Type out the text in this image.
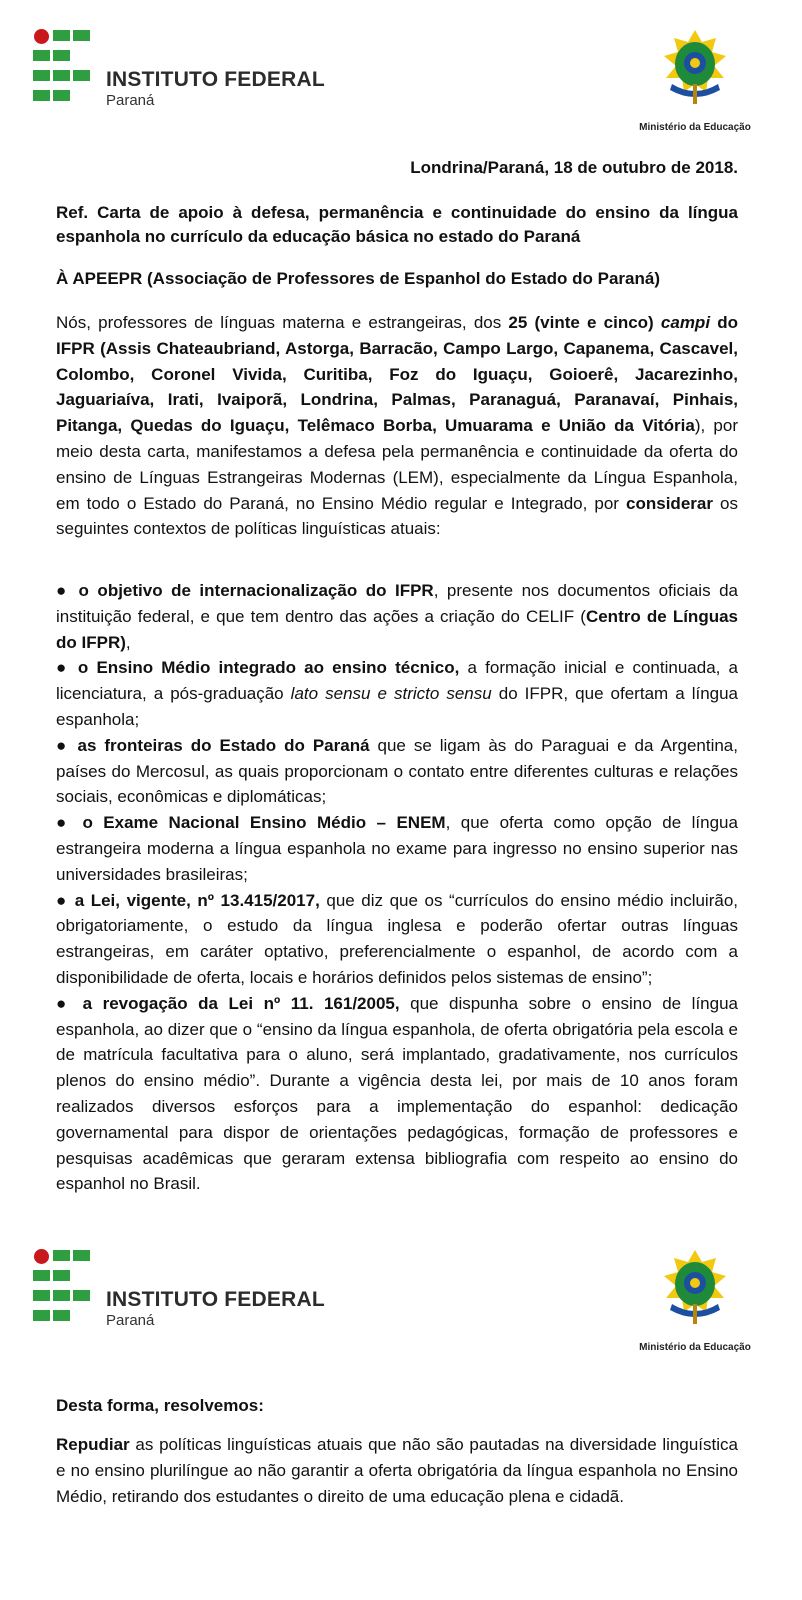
INSTITUTO FEDERAL
Paraná
Ministério da Educação
Londrina/Paraná, 18 de outubro de 2018.
Ref. Carta de apoio à defesa, permanência e continuidade do ensino da língua espanhola no currículo da educação básica no estado do Paraná
À APEEPR (Associação de Professores de Espanhol do Estado do Paraná)

Nós, professores de línguas materna e estrangeiras, dos 25 (vinte e cinco) campi do IFPR (Assis Chateaubriand, Astorga, Barracão, Campo Largo, Capanema, Cascavel, Colombo, Coronel Vivida, Curitiba, Foz do Iguaçu, Goioerê, Jacarezinho, Jaguariaíva, Irati, Ivaiporã, Londrina, Palmas, Paranaguá, Paranavaí, Pinhais, Pitanga, Quedas do Iguaçu, Telêmaco Borba, Umuarama e União da Vitória), por meio desta carta, manifestamos a defesa pela permanência e continuidade da oferta do ensino de Línguas Estrangeiras Modernas (LEM), especialmente da Língua Espanhola, em todo o Estado do Paraná, no Ensino Médio regular e Integrado, por considerar os seguintes contextos de políticas linguísticas atuais:

● o objetivo de internacionalização do IFPR, presente nos documentos oficiais da instituição federal, e que tem dentro das ações a criação do CELIF (Centro de Línguas do IFPR),

● o Ensino Médio integrado ao ensino técnico, a formação inicial e continuada, a licenciatura, a pós-graduação lato sensu e stricto sensu do IFPR, que ofertam a língua espanhola;

● as fronteiras do Estado do Paraná que se ligam às do Paraguai e da Argentina, países do Mercosul, as quais proporcionam o contato entre diferentes culturas e relações sociais, econômicas e diplomáticas;

● o Exame Nacional Ensino Médio – ENEM, que oferta como opção de língua estrangeira moderna a língua espanhola no exame para ingresso no ensino superior nas universidades brasileiras;

● a Lei, vigente, nº 13.415/2017, que diz que os “currículos do ensino médio incluirão, obrigatoriamente, o estudo da língua inglesa e poderão ofertar outras línguas estrangeiras, em caráter optativo, preferencialmente o espanhol, de acordo com a disponibilidade de oferta, locais e horários definidos pelos sistemas de ensino”;

● a revogação da Lei nº 11. 161/2005, que dispunha sobre o ensino de língua espanhola, ao dizer que o “ensino da língua espanhola, de oferta obrigatória pela escola e de matrícula facultativa para o aluno, será implantado, gradativamente, nos currículos plenos do ensino médio”. Durante a vigência desta lei, por mais de 10 anos foram realizados diversos esforços para a implementação do espanhol: dedicação governamental para dispor de orientações pedagógicas, formação de professores e pesquisas acadêmicas que geraram extensa bibliografia com respeito ao ensino do espanhol no Brasil.

INSTITUTO FEDERAL
Paraná
Ministério da Educação
Desta forma, resolvemos:

Repudiar as políticas linguísticas atuais que não são pautadas na diversidade linguística e no ensino plurilíngue ao não garantir a oferta obrigatória da língua espanhola no Ensino Médio, retirando dos estudantes o direito de uma educação plena e cidadã.
